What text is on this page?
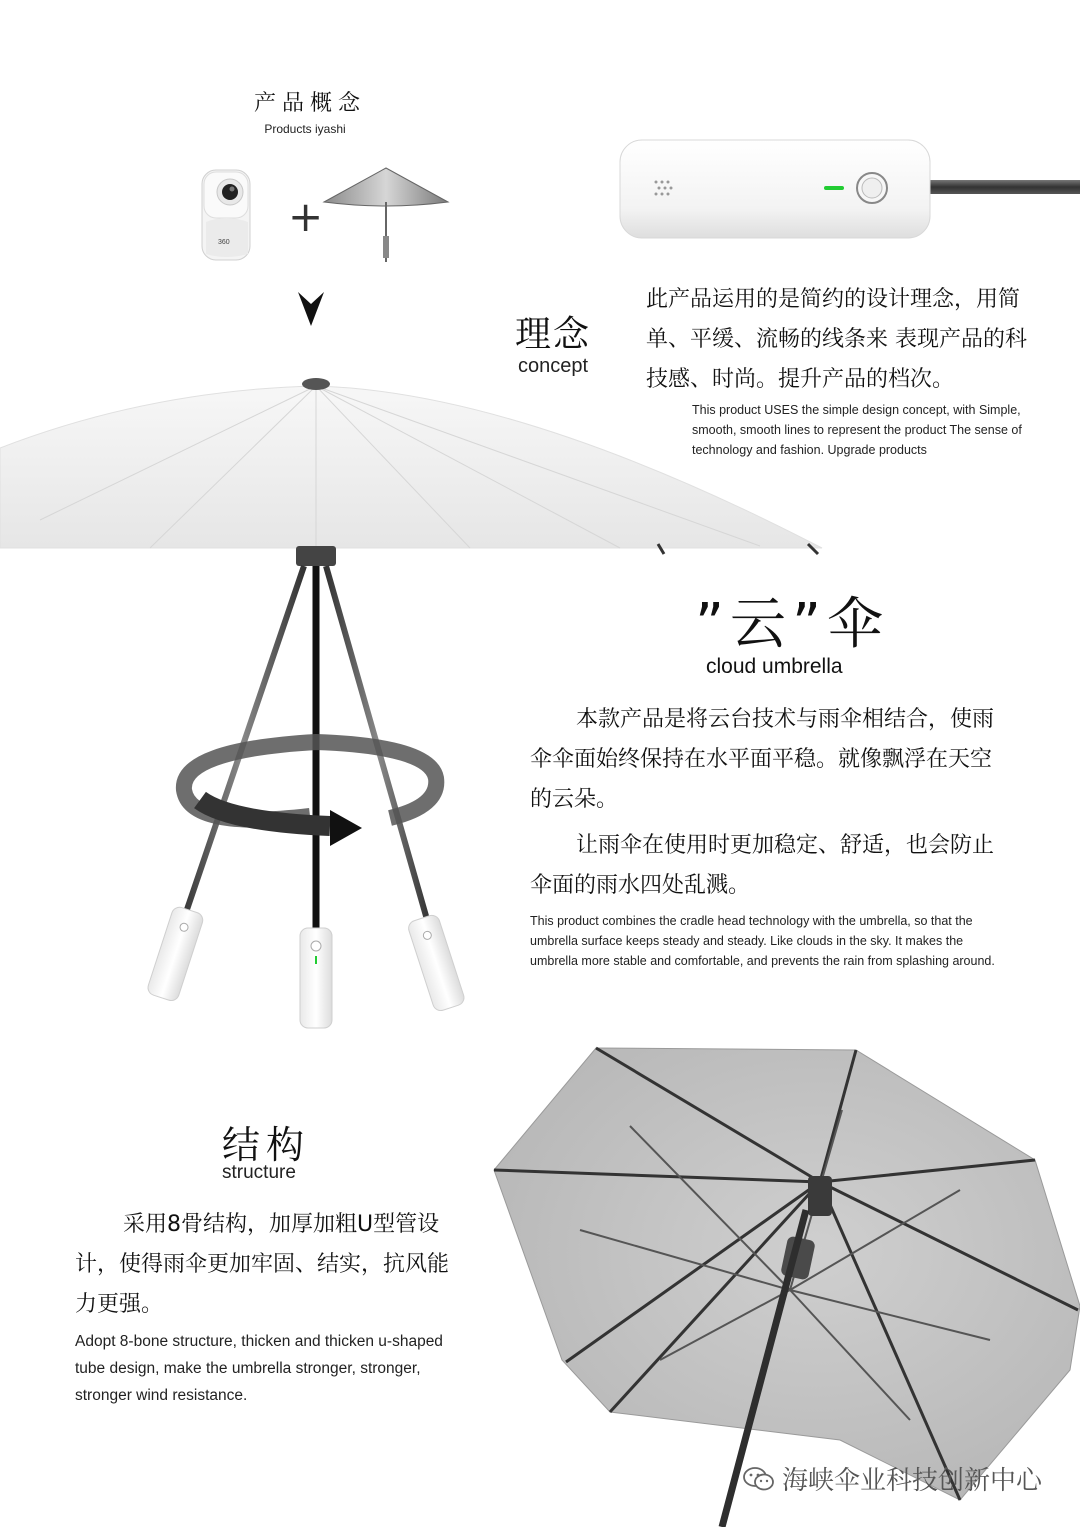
产品概念
Products iyashi
360
+
理念
concept
此产品运用的是简约的设计理念，用简单、平缓、流畅的线条来 表现产品的科技感、时尚。提升产品的档次。
This product USES the simple design concept, with Simple, smooth, smooth lines to represent the product The sense of technology and fashion. Upgrade products
”云”伞
cloud umbrella
本款产品是将云台技术与雨伞相结合，使雨伞伞面始终保持在水平面平稳。就像飘浮在天空的云朵。
让雨伞在使用时更加稳定、舒适，也会防止伞面的雨水四处乱溅。
This product combines the cradle head technology with the umbrella, so that the umbrella surface keeps steady and steady. Like clouds in the sky. It makes the umbrella more stable and comfortable, and prevents the rain from splashing around.
结构
structure
采用8骨结构，加厚加粗U型管设计，使得雨伞更加牢固、结实，抗风能力更强。
Adopt 8-bone structure, thicken and thicken u-shaped tube design, make the umbrella stronger, stronger, stronger wind resistance.
海峡伞业科技创新中心
